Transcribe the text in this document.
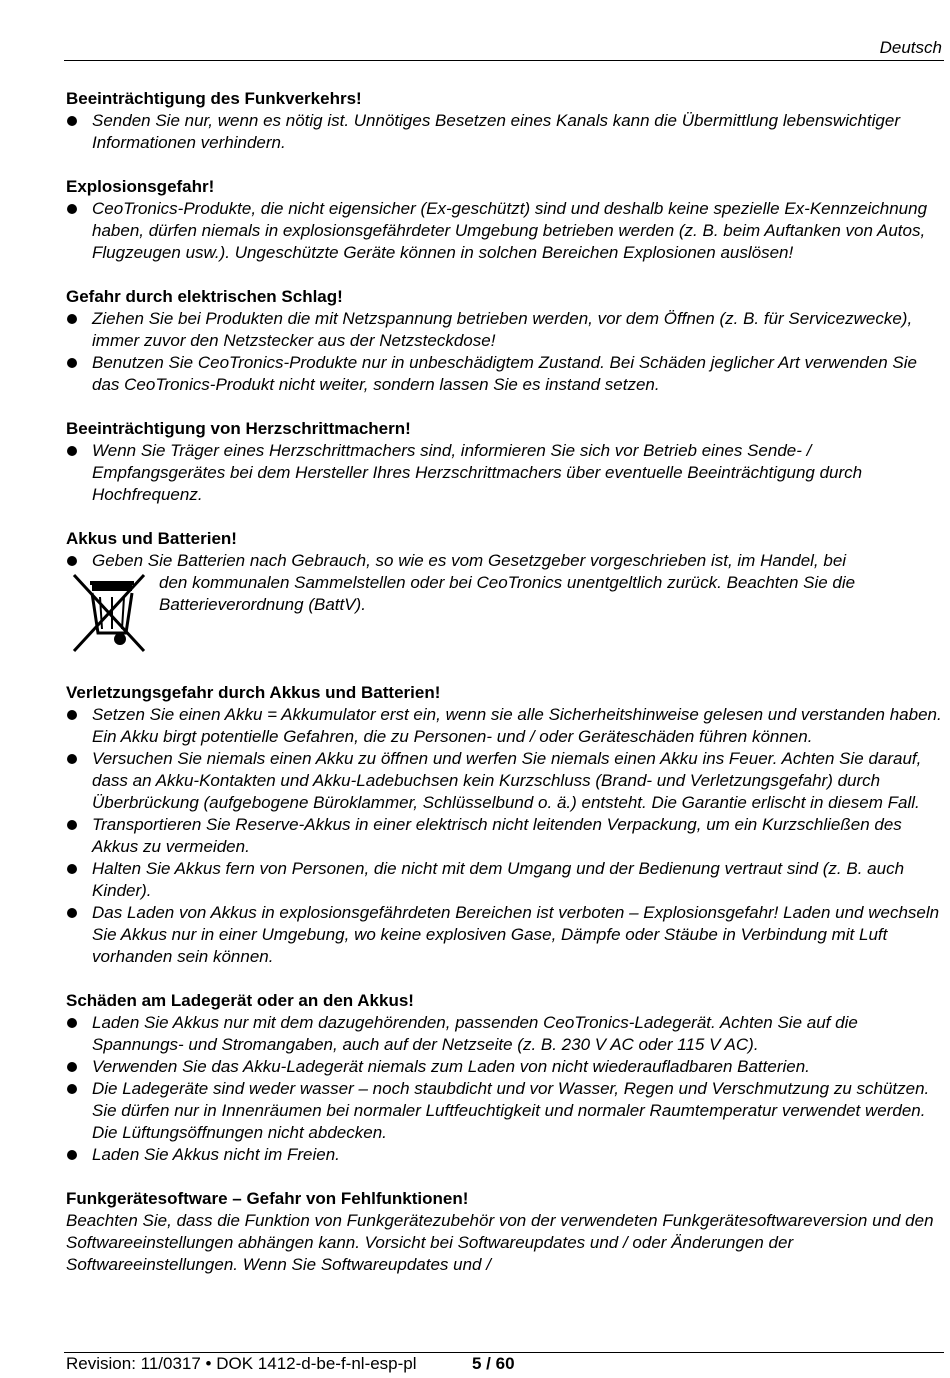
Deutsch
Beeinträchtigung des Funkverkehrs!
Senden Sie nur, wenn es nötig ist. Unnötiges Besetzen eines Kanals kann die Übermittlung lebenswichtiger Informationen verhindern.
Explosionsgefahr!
CeoTronics-Produkte, die nicht eigensicher (Ex-geschützt) sind und deshalb keine spezielle Ex-Kennzeichnung haben, dürfen niemals in explosionsgefährdeter Umgebung betrieben werden (z. B. beim Auftanken von Autos, Flugzeugen usw.). Ungeschützte Geräte können in solchen Bereichen Explosionen auslösen!
Gefahr durch elektrischen Schlag!
Ziehen Sie bei Produkten die mit Netzspannung betrieben werden, vor dem Öffnen (z. B. für Servicezwecke), immer zuvor den Netzstecker aus der Netzsteckdose!
Benutzen Sie CeoTronics-Produkte nur in unbeschädigtem Zustand. Bei Schäden jeglicher Art verwenden Sie das CeoTronics-Produkt nicht weiter, sondern lassen Sie es instand setzen.
Beeinträchtigung von Herzschrittmachern!
Wenn Sie Träger eines Herzschrittmachers sind, informieren Sie sich vor Betrieb eines Sende- / Empfangsgerätes bei dem Hersteller Ihres Herzschrittmachers über eventuelle Beeinträchtigung durch Hochfrequenz.
Akkus und Batterien!
Geben Sie Batterien nach Gebrauch, so wie es vom Gesetzgeber vorgeschrieben ist, im Handel, bei
den kommunalen Sammelstellen oder bei CeoTronics unentgeltlich zurück. Beachten Sie die
Batterieverordnung (BattV).
Verletzungsgefahr durch Akkus und Batterien!
Setzen Sie einen Akku = Akkumulator erst ein, wenn sie alle Sicherheitshinweise gelesen und verstanden haben. Ein Akku birgt potentielle Gefahren, die zu Personen- und / oder Geräteschäden führen können.
Versuchen Sie niemals einen Akku zu öffnen und werfen Sie niemals einen Akku ins Feuer. Achten Sie darauf, dass an Akku-Kontakten und Akku-Ladebuchsen kein Kurzschluss (Brand- und Verletzungsgefahr) durch Überbrückung (aufgebogene Büroklammer, Schlüsselbund o. ä.) entsteht. Die Garantie erlischt in diesem Fall.
Transportieren Sie Reserve-Akkus in einer elektrisch nicht leitenden Verpackung, um ein Kurzschließen des Akkus zu vermeiden.
Halten Sie Akkus fern von Personen, die nicht mit dem Umgang und der Bedienung vertraut sind (z. B. auch Kinder).
Das Laden von Akkus in explosionsgefährdeten Bereichen ist verboten – Explosionsgefahr! Laden und wechseln Sie Akkus nur in einer Umgebung, wo keine explosiven Gase, Dämpfe oder Stäube in Verbindung mit Luft vorhanden sein können.
Schäden am Ladegerät oder an den Akkus!
Laden Sie Akkus nur mit dem dazugehörenden, passenden CeoTronics-Ladegerät. Achten Sie auf die Spannungs- und Stromangaben, auch auf der Netzseite (z. B. 230 V AC oder 115 V AC).
Verwenden Sie das Akku-Ladegerät niemals zum Laden von nicht wiederaufladbaren Batterien.
Die Ladegeräte sind weder wasser – noch staubdicht und vor Wasser, Regen und Verschmutzung zu schützen. Sie dürfen nur in Innenräumen bei normaler Luftfeuchtigkeit und normaler Raumtemperatur verwendet werden. Die Lüftungsöffnungen nicht abdecken.
Laden Sie Akkus nicht im Freien.
Funkgerätesoftware – Gefahr von Fehlfunktionen!
Beachten Sie, dass die Funktion von Funkgerätezubehör von der verwendeten Funkgerätesoftwareversion und den Softwareeinstellungen abhängen kann. Vorsicht bei Softwareupdates und / oder Änderungen der Softwareeinstellungen. Wenn Sie Softwareupdates und /
Revision: 11/0317 • DOK 1412-d-be-f-nl-esp-pl	5 / 60
